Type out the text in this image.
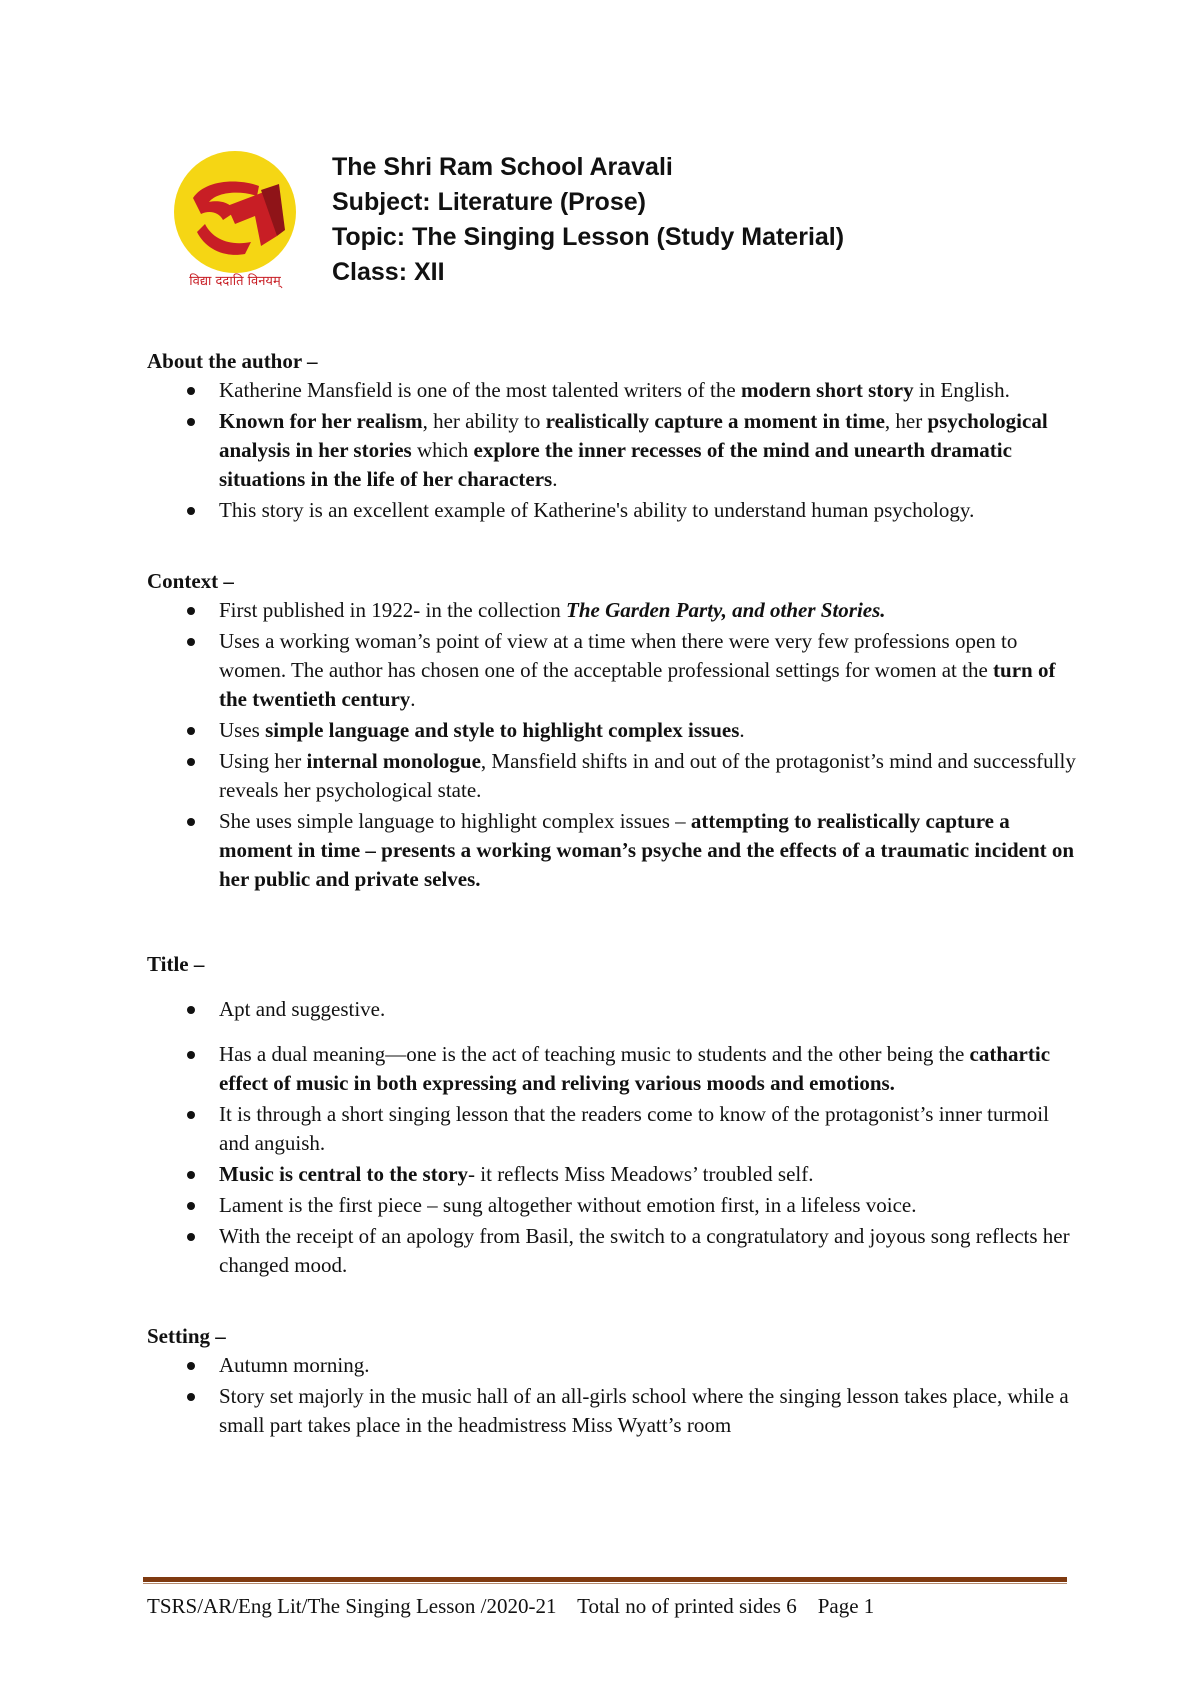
विद्या ददाति विनयम्
The Shri Ram School Aravali
Subject: Literature (Prose)
Topic: The Singing Lesson (Study Material)
Class: XII

About the author –

Katherine Mansfield is one of the most talented writers of the modern short story in English.
Known for her realism, her ability to realistically capture a moment in time, her psychological analysis in her stories which explore the inner recesses of the mind and unearth dramatic situations in the life of her characters.
This story is an excellent example of Katherine's ability to understand human psychology.

Context –

First published in 1922- in the collection The Garden Party, and other Stories.
Uses a working woman’s point of view at a time when there were very few professions open to women. The author has chosen one of the acceptable professional settings for women at the turn of the twentieth century.
Uses simple language and style to highlight complex issues.
Using her internal monologue, Mansfield shifts in and out of the protagonist’s mind and successfully reveals her psychological state.
She uses simple language to highlight complex issues – attempting to realistically capture a moment in time – presents a working woman’s psyche and the effects of a traumatic incident on her public and private selves.

Title –

Apt and suggestive.
Has a dual meaning—one is the act of teaching music to students and the other being the cathartic effect of music in both expressing and reliving various moods and emotions.
It is through a short singing lesson that the readers come to know of the protagonist’s inner turmoil and anguish.
Music is central to the story- it reflects Miss Meadows’ troubled self.
Lament is the first piece – sung altogether without emotion first, in a lifeless voice.
With the receipt of an apology from Basil, the switch to a congratulatory and joyous song reflects her changed mood.

Setting –

Autumn morning.
Story set majorly in the music hall of an all-girls school where the singing lesson takes place, while a small part takes place in the headmistress Miss Wyatt’s room
TSRS/AR/Eng Lit/The Singing Lesson /2020-21 Total no of printed sides 6 Page 1
